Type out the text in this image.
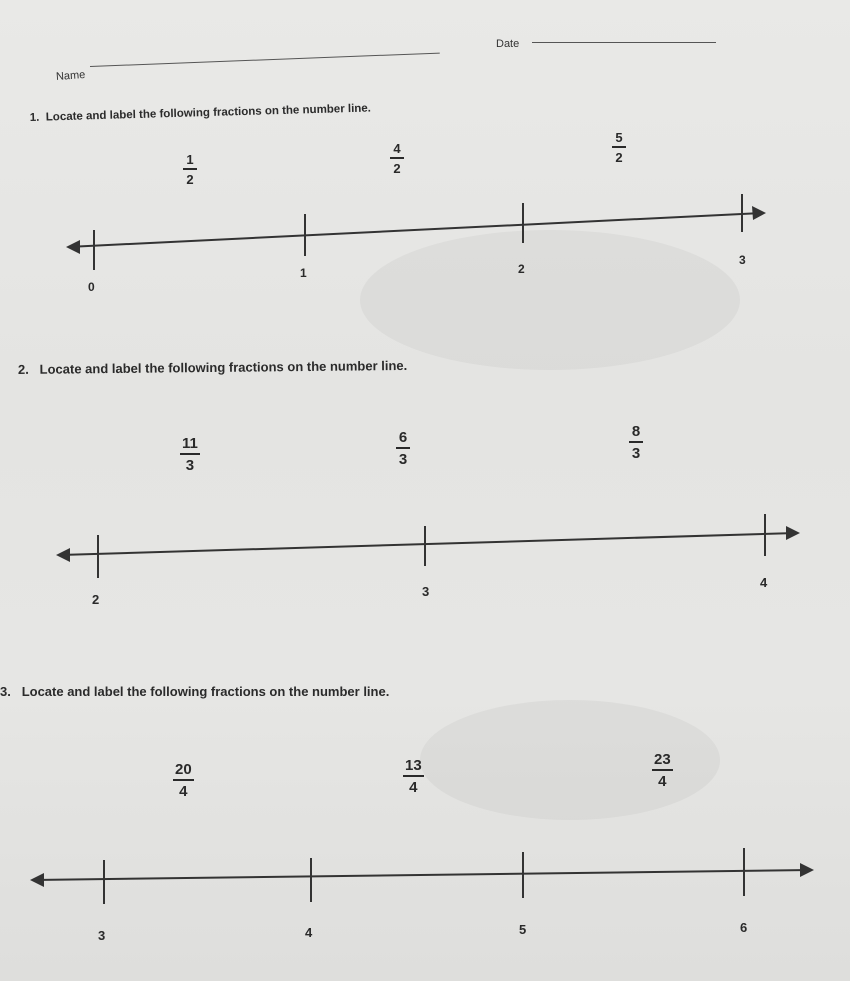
Name
Date
1. Locate and label the following fractions on the number line.
1
2
4
2
5
2
0
1	2
3
2. Locate and label the following fractions on the number line.
11
3
6
3
8
3
2
3
4
3. Locate and label the following fractions on the number line.
20
4
13
4
23
4
3	4	5	6
